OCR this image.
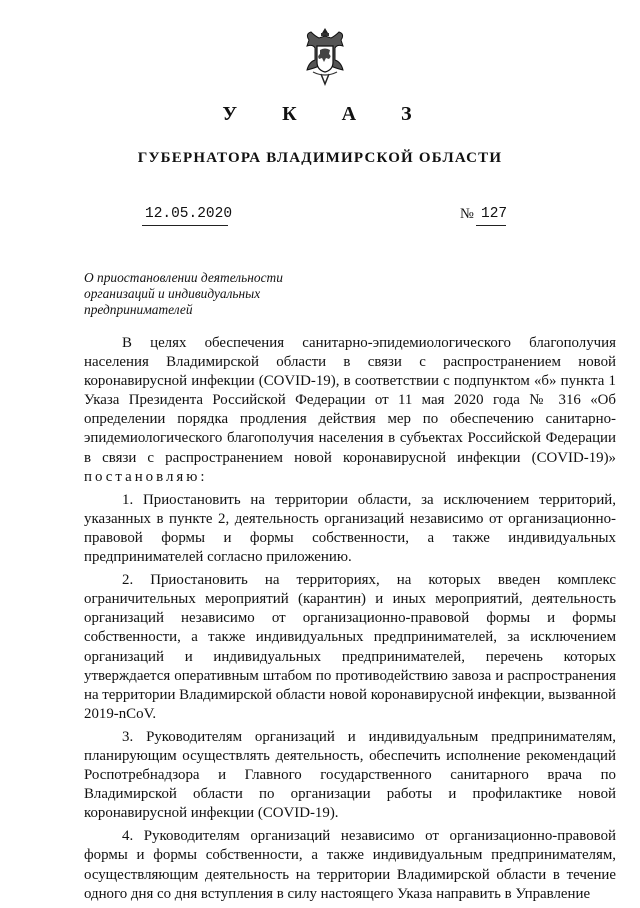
У К А З
ГУБЕРНАТОРА ВЛАДИМИРСКОЙ ОБЛАСТИ
12.05.2020	№ 127
О приостановлении деятельности организаций и индивидуальных предпринимателей

В целях обеспечения санитарно-эпидемиологического благополучия населения Владимирской области в связи с распространением новой коронавирусной инфекции (COVID-19), в соответствии с подпунктом «б» пункта 1 Указа Президента Российской Федерации от 11 мая 2020 года № 316 «Об определении порядка продления действия мер по обеспечению санитарно-эпидемиологического благополучия населения в субъектах Российской Федерации в связи с распространением новой коронавирусной инфекции (COVID-19)» постановляю:

1. Приостановить на территории области, за исключением территорий, указанных в пункте 2, деятельность организаций независимо от организационно-правовой формы и формы собственности, а также индивидуальных предпринимателей согласно приложению.

2. Приостановить на территориях, на которых введен комплекс ограничительных мероприятий (карантин) и иных мероприятий, деятельность организаций независимо от организационно-правовой формы и формы собственности, а также индивидуальных предпринимателей, за исключением организаций и индивидуальных предпринимателей, перечень которых утверждается оперативным штабом по противодействию завоза и распространения на территории Владимирской области новой коронавирусной инфекции, вызванной 2019-nCoV.

3. Руководителям организаций и индивидуальным предпринимателям, планирующим осуществлять деятельность, обеспечить исполнение рекомендаций Роспотребнадзора и Главного государственного санитарного врача по Владимирской области по организации работы и профилактике новой коронавирусной инфекции (COVID-19).

4. Руководителям организаций независимо от организационно-правовой формы и формы собственности, а также индивидуальным предпринимателям, осуществляющим деятельность на территории Владимирской области в течение одного дня со дня вступления в силу настоящего Указа направить в Управление
